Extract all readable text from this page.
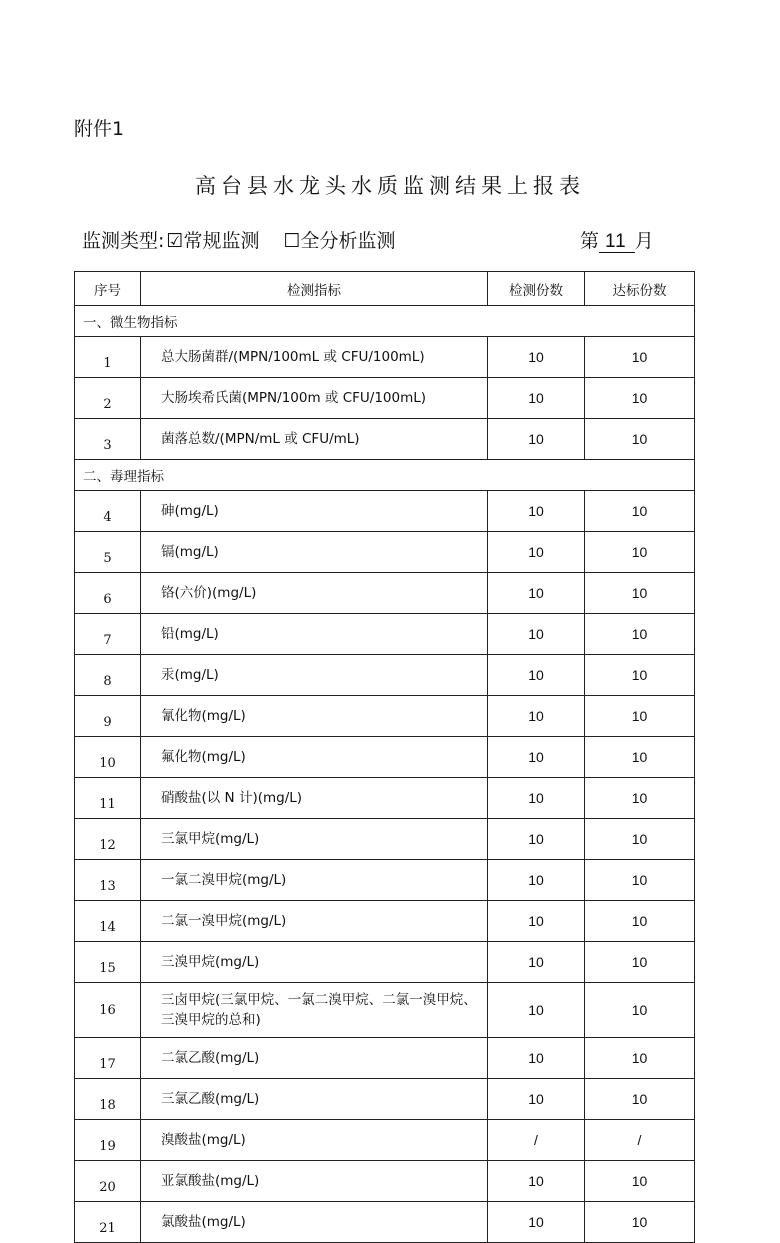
附件1
高台县水龙头水质监测结果上报表
监测类型: ☑常规监测 ☐全分析监测	第 11 月
序号	检测指标	检测份数	达标份数
一、微生物指标			
1	总大肠菌群/(MPN/100mL 或 CFU/100mL)	10	10
2	大肠埃希氏菌(MPN/100m 或 CFU/100mL)	10	10
3	菌落总数/(MPN/mL 或 CFU/mL)	10	10
二、毒理指标			
4	砷(mg/L)	10	10
5	镉(mg/L)	10	10
6	铬(六价)(mg/L)	10	10
7	铅(mg/L)	10	10
8	汞(mg/L)	10	10
9	氰化物(mg/L)	10	10
10	氟化物(mg/L)	10	10
11	硝酸盐(以 N 计)(mg/L)	10	10
12	三氯甲烷(mg/L)	10	10
13	一氯二溴甲烷(mg/L)	10	10
14	二氯一溴甲烷(mg/L)	10	10
15	三溴甲烷(mg/L)	10	10
16	三卤甲烷(三氯甲烷、一氯二溴甲烷、二氯一溴甲烷、三溴甲烷的总和)	10	10
17	二氯乙酸(mg/L)	10	10
18	三氯乙酸(mg/L)	10	10
19	溴酸盐(mg/L)	/	/
20	亚氯酸盐(mg/L)	10	10
21	氯酸盐(mg/L)	10	10
